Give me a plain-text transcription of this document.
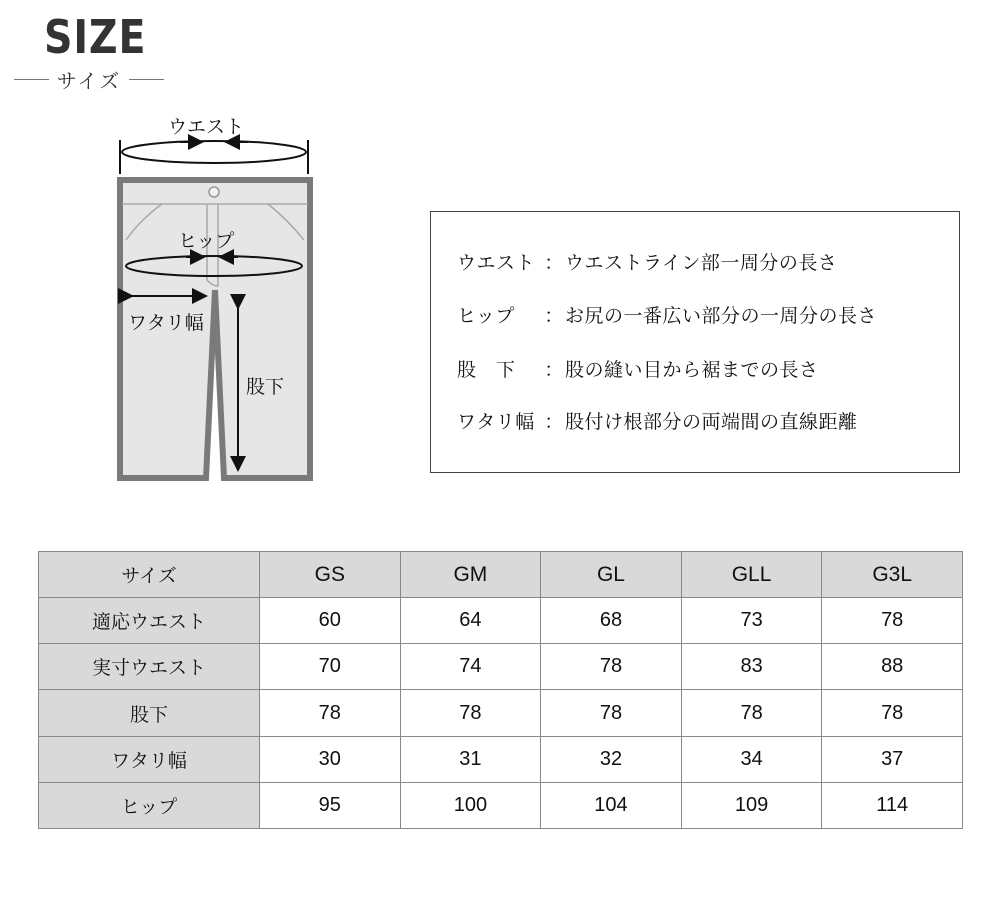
SIZE
サイズ
ウエスト
ヒップ
ワタリ幅
股下
ウエスト ：ウエストライン部一周分の長さ
ヒップ ：お尻の一番広い部分の一周分の長さ
股　下 ：股の縫い目から裾までの長さ
ワタリ幅 ：股付け根部分の両端間の直線距離
サイズ	GS	GM	GL	GLL	G3L
適応ウエスト	60	64	68	73	78
実寸ウエスト	70	74	78	83	88
股下	78	78	78	78	78
ワタリ幅	30	31	32	34	37
ヒップ	95	100	104	109	114
